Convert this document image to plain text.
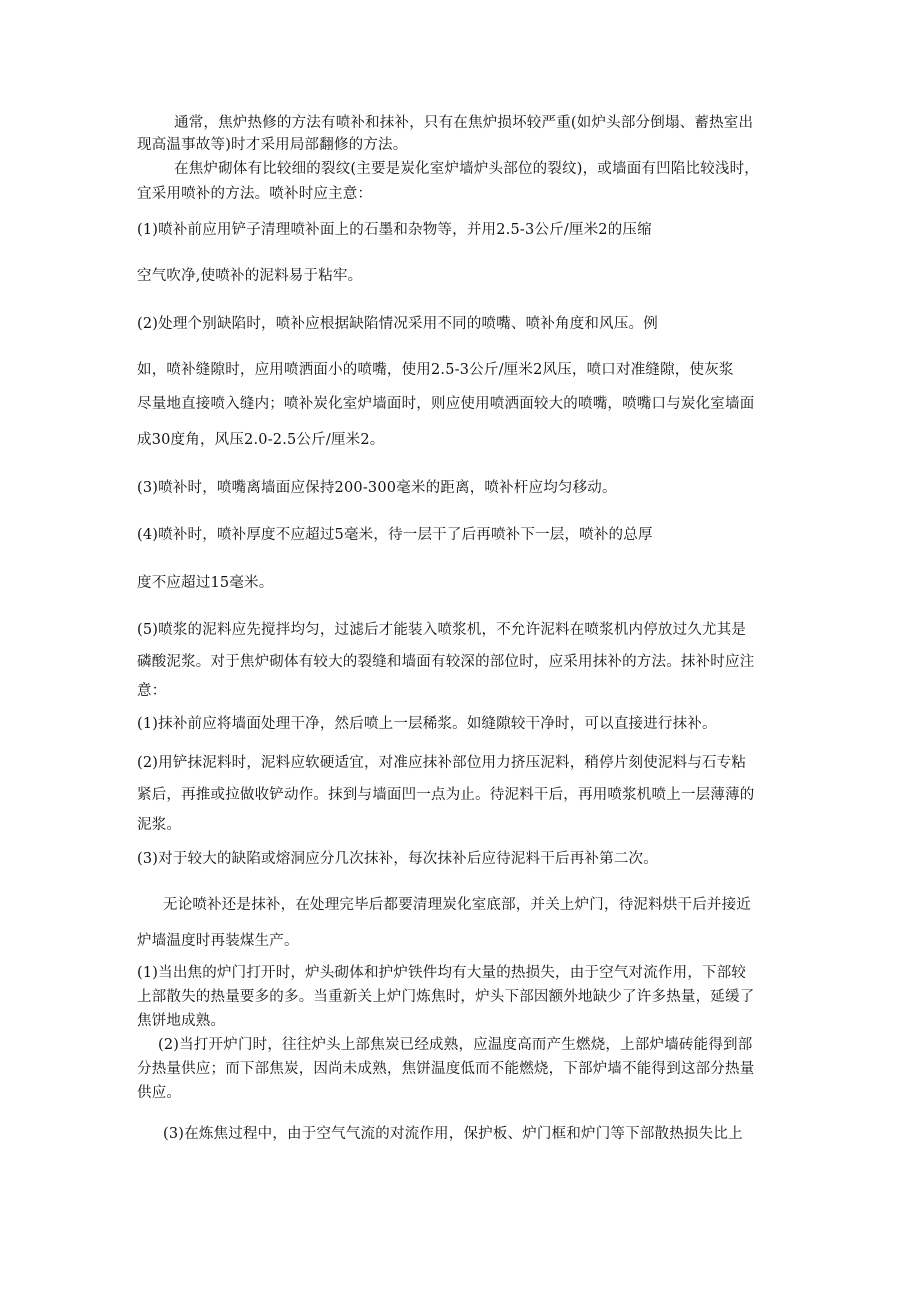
通常，焦炉热修的方法有喷补和抹补，只有在焦炉损坏较严重(如炉头部分倒塌、蓄热室出
现高温事故等)时才采用局部翻修的方法。
在焦炉砌体有比较细的裂纹(主要是炭化室炉墙炉头部位的裂纹)，或墙面有凹陷比较浅时，
宜采用喷补的方法。喷补时应主意：
(1)喷补前应用铲子清理喷补面上的石墨和杂物等，并用2.5-3公斤/厘米2的压缩
空气吹净,使喷补的泥料易于粘牢。
(2)处理个别缺陷时，喷补应根据缺陷情况采用不同的喷嘴、喷补角度和风压。例
如，喷补缝隙时，应用喷洒面小的喷嘴，使用2.5-3公斤/厘米2风压，喷口对准缝隙，使灰浆
尽量地直接喷入缝内；喷补炭化室炉墙面时，则应使用喷洒面较大的喷嘴，喷嘴口与炭化室墙面
成30度角，风压2.0-2.5公斤/厘米2。
(3)喷补时，喷嘴离墙面应保持200-300毫米的距离，喷补杆应均匀移动。
(4)喷补时，喷补厚度不应超过5毫米，待一层干了后再喷补下一层，喷补的总厚
度不应超过15毫米。
(5)喷浆的泥料应先搅拌均匀，过滤后才能装入喷浆机，不允许泥料在喷浆机内停放过久尤其是
磷酸泥浆。对于焦炉砌体有较大的裂缝和墙面有较深的部位时，应采用抹补的方法。抹补时应注
意：
(1)抹补前应将墙面处理干净，然后喷上一层稀浆。如缝隙较干净时，可以直接进行抹补。
(2)用铲抹泥料时，泥料应软硬适宜，对准应抹补部位用力挤压泥料，稍停片刻使泥料与石专粘
紧后，再推或拉做收铲动作。抹到与墙面凹一点为止。待泥料干后，再用喷浆机喷上一层薄薄的
泥浆。
(3)对于较大的缺陷或熔洞应分几次抹补，每次抹补后应待泥料干后再补第二次。
无论喷补还是抹补，在处理完毕后都要清理炭化室底部，并关上炉门，待泥料烘干后并接近
炉墙温度时再装煤生产。
(1)当出焦的炉门打开时，炉头砌体和护炉铁件均有大量的热损失，由于空气对流作用，下部较
上部散失的热量要多的多。当重新关上炉门炼焦时，炉头下部因额外地缺少了许多热量，延缓了
焦饼地成熟。
(2)当打开炉门时，往往炉头上部焦炭已经成熟，应温度高而产生燃烧，上部炉墙砖能得到部
分热量供应；而下部焦炭，因尚未成熟，焦饼温度低而不能燃烧，下部炉墙不能得到这部分热量
供应。
(3)在炼焦过程中，由于空气气流的对流作用，保护板、炉门框和炉门等下部散热损失比上
